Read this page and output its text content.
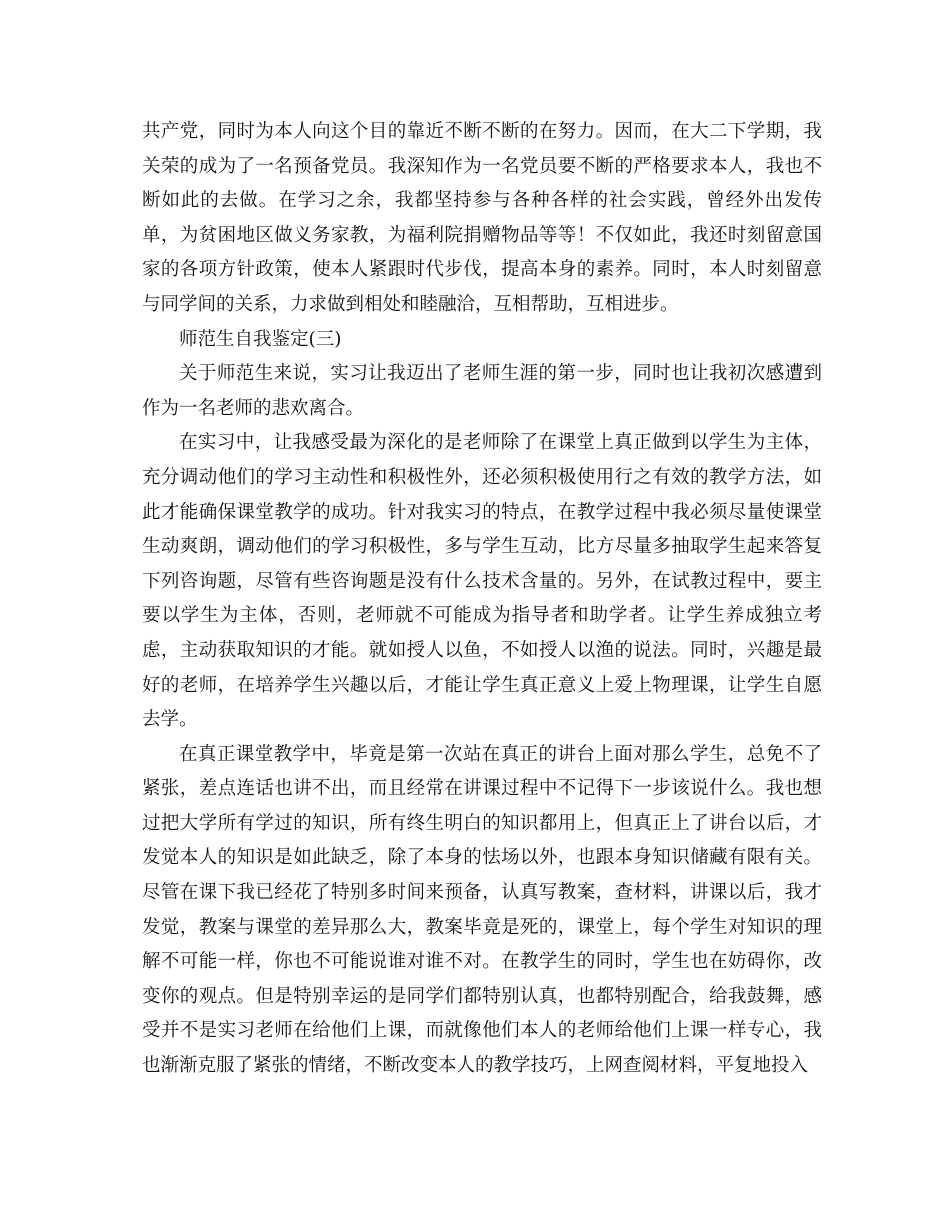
共产党，同时为本人向这个目的靠近不断不断的在努力。因而，在大二下学期，我关荣的成为了一名预备党员。我深知作为一名党员要不断的严格要求本人，我也不断如此的去做。在学习之余，我都坚持参与各种各样的社会实践，曾经外出发传单，为贫困地区做义务家教，为福利院捐赠物品等等！不仅如此，我还时刻留意国家的各项方针政策，使本人紧跟时代步伐，提高本身的素养。同时，本人时刻留意与同学间的关系，力求做到相处和睦融洽，互相帮助，互相进步。

师范生自我鉴定(三)

关于师范生来说，实习让我迈出了老师生涯的第一步，同时也让我初次感遭到作为一名老师的悲欢离合。

在实习中，让我感受最为深化的是老师除了在课堂上真正做到以学生为主体，充分调动他们的学习主动性和积极性外，还必须积极使用行之有效的教学方法，如此才能确保课堂教学的成功。针对我实习的特点，在教学过程中我必须尽量使课堂生动爽朗，调动他们的学习积极性，多与学生互动，比方尽量多抽取学生起来答复下列咨询题，尽管有些咨询题是没有什么技术含量的。另外，在试教过程中，要主要以学生为主体，否则，老师就不可能成为指导者和助学者。让学生养成独立考虑，主动获取知识的才能。就如授人以鱼，不如授人以渔的说法。同时，兴趣是最好的老师，在培养学生兴趣以后，才能让学生真正意义上爱上物理课，让学生自愿去学。

在真正课堂教学中，毕竟是第一次站在真正的讲台上面对那么学生，总免不了紧张，差点连话也讲不出，而且经常在讲课过程中不记得下一步该说什么。我也想过把大学所有学过的知识，所有终生明白的知识都用上，但真正上了讲台以后，才发觉本人的知识是如此缺乏，除了本身的怯场以外，也跟本身知识储藏有限有关。尽管在课下我已经花了特别多时间来预备，认真写教案，查材料，讲课以后，我才发觉，教案与课堂的差异那么大，教案毕竟是死的，课堂上，每个学生对知识的理解不可能一样，你也不可能说谁对谁不对。在教学生的同时，学生也在妨碍你，改变你的观点。但是特别幸运的是同学们都特别认真，也都特别配合，给我鼓舞，感受并不是实习老师在给他们上课，而就像他们本人的老师给他们上课一样专心，我也渐渐克服了紧张的情绪，不断改变本人的教学技巧，上网查阅材料，平复地投入
